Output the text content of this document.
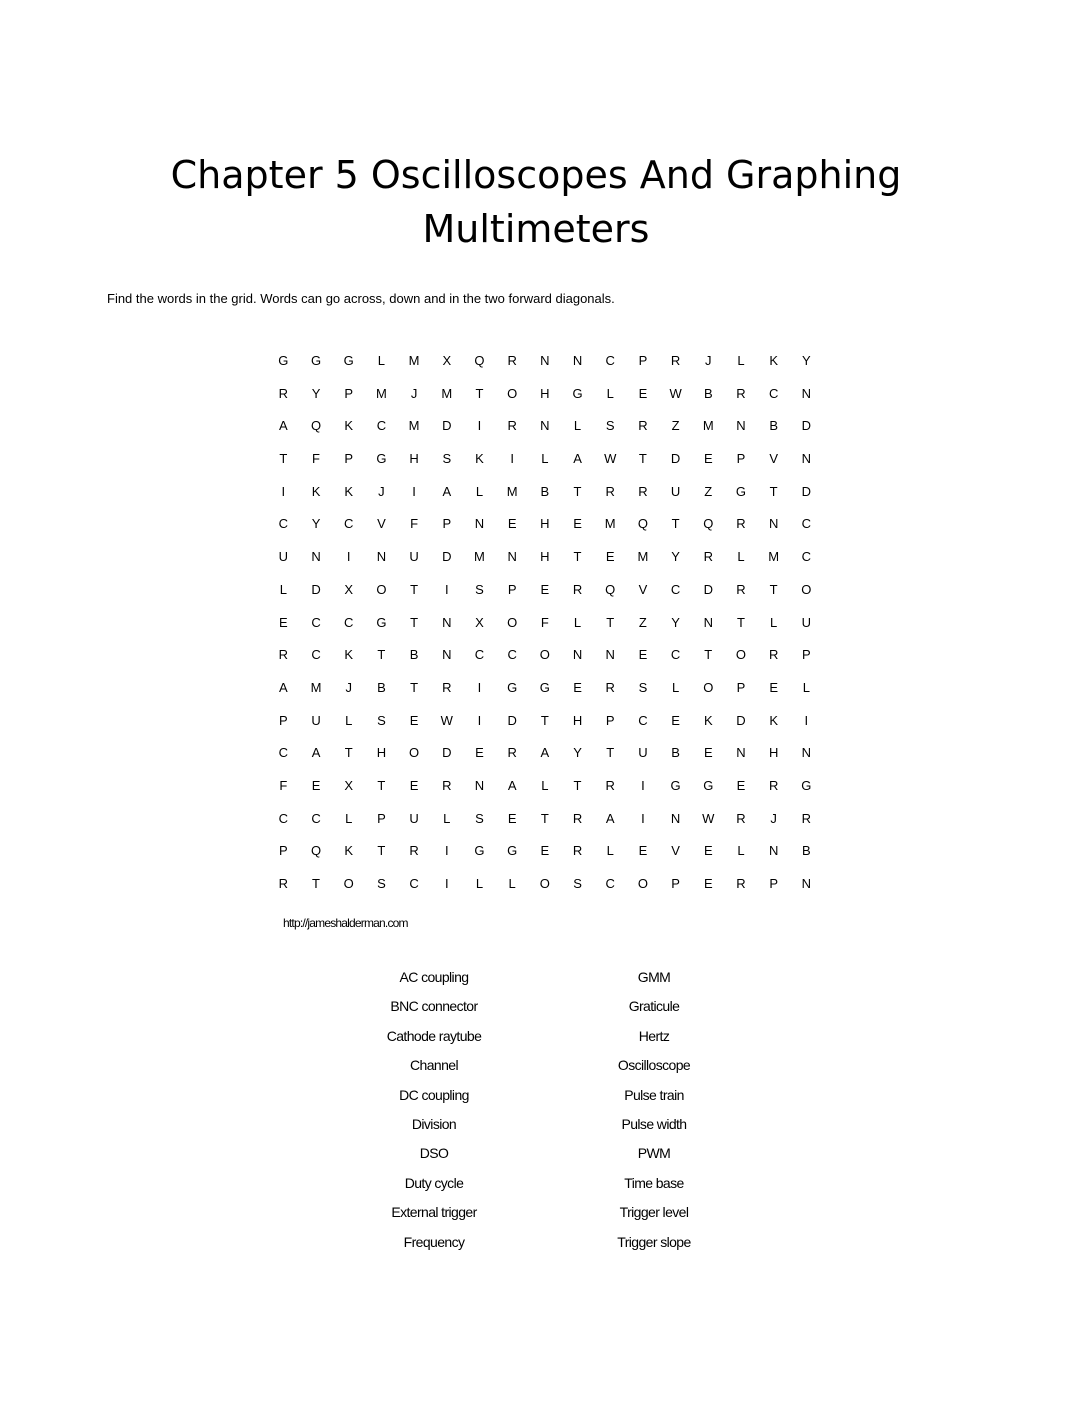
Chapter 5 Oscilloscopes And Graphing Multimeters

Find the words in the grid. Words can go across, down and in the two forward diagonals.

G	G	G	L	M	X	Q	R	N	N	C	P	R	J	L	K	Y
R	Y	P	M	J	M	T	O	H	G	L	E	W	B	R	C	N
A	Q	K	C	M	D	I	R	N	L	S	R	Z	M	N	B	D
T	F	P	G	H	S	K	I	L	A	W	T	D	E	P	V	N
I	K	K	J	I	A	L	M	B	T	R	R	U	Z	G	T	D
C	Y	C	V	F	P	N	E	H	E	M	Q	T	Q	R	N	C
U	N	I	N	U	D	M	N	H	T	E	M	Y	R	L	M	C
L	D	X	O	T	I	S	P	E	R	Q	V	C	D	R	T	O
E	C	C	G	T	N	X	O	F	L	T	Z	Y	N	T	L	U
R	C	K	T	B	N	C	C	O	N	N	E	C	T	O	R	P
A	M	J	B	T	R	I	G	G	E	R	S	L	O	P	E	L
P	U	L	S	E	W	I	D	T	H	P	C	E	K	D	K	I
C	A	T	H	O	D	E	R	A	Y	T	U	B	E	N	H	N
F	E	X	T	E	R	N	A	L	T	R	I	G	G	E	R	G
C	C	L	P	U	L	S	E	T	R	A	I	N	W	R	J	R
P	Q	K	T	R	I	G	G	E	R	L	E	V	E	L	N	B
R	T	O	S	C	I	L	L	O	S	C	O	P	E	R	P	N
http://jameshalderman.com
AC coupling	GMM
BNC connector	Graticule
Cathode raytube	Hertz
Channel	Oscilloscope
DC coupling	Pulse train
Division	Pulse width
DSO	PWM
Duty cycle	Time base
External trigger	Trigger level
Frequency	Trigger slope
